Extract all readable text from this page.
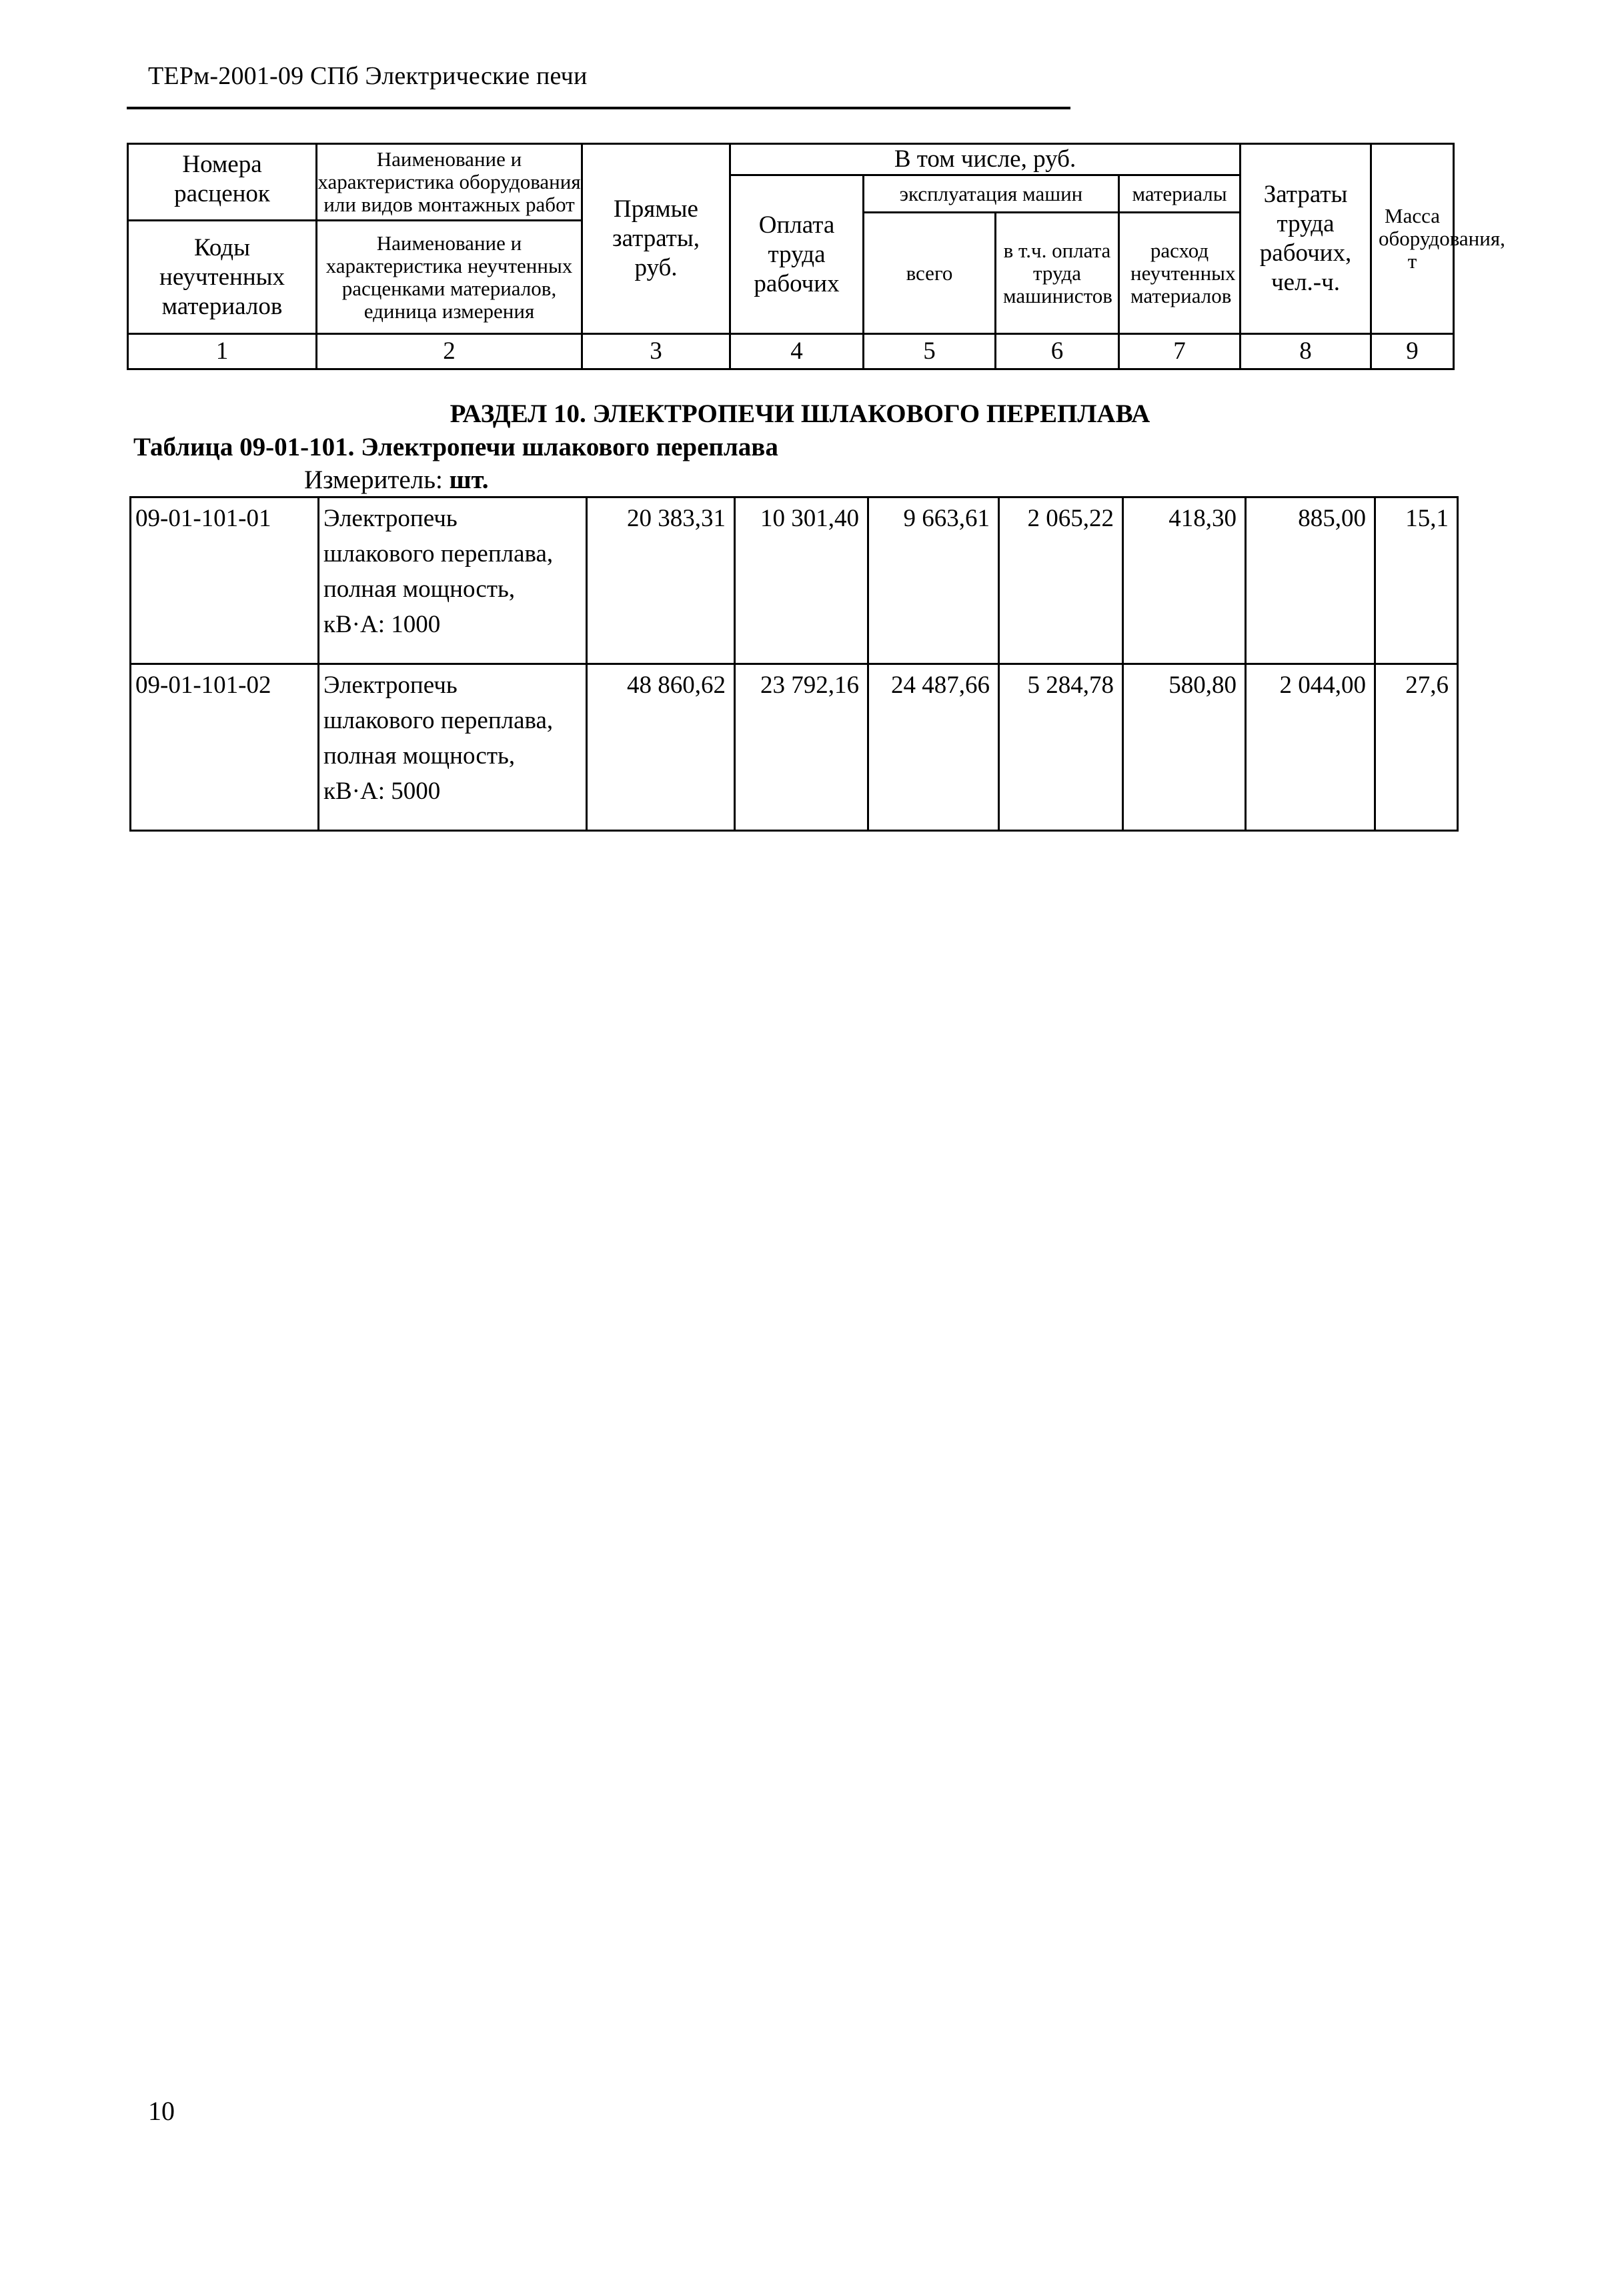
ТЕРм-2001-09 СПб Электрические печи
Номера расценок	Наименование и характеристика оборудования или видов монтажных работ	Прямые затраты, руб.	В том числе, руб.				Затраты труда рабочих, чел.-ч.	Масса оборудования, т
			Оплата труда рабочих	эксплуатация машин		материалы		
				всего	в т.ч. оплата труда машинистов	расход неучтенных материалов		
Коды неучтенных материалов	Наименование и характеристика неучтенных расценками материалов, единица измерения							

1	2	3	4	5	6	7	8	9
РАЗДЕЛ 10. ЭЛЕКТРОПЕЧИ ШЛАКОВОГО ПЕРЕПЛАВА
Таблица 09-01-101. Электропечи шлакового переплава
Измеритель: шт.
09-01-101-01	Электропечь
шлакового переплава,
полная мощность,
кВ·А: 1000	20 383,31	10 301,40	9 663,61	2 065,22	418,30	885,00	15,1
09-01-101-02	Электропечь
шлакового переплава,
полная мощность,
кВ·А: 5000	48 860,62	23 792,16	24 487,66	5 284,78	580,80	2 044,00	27,6
10
